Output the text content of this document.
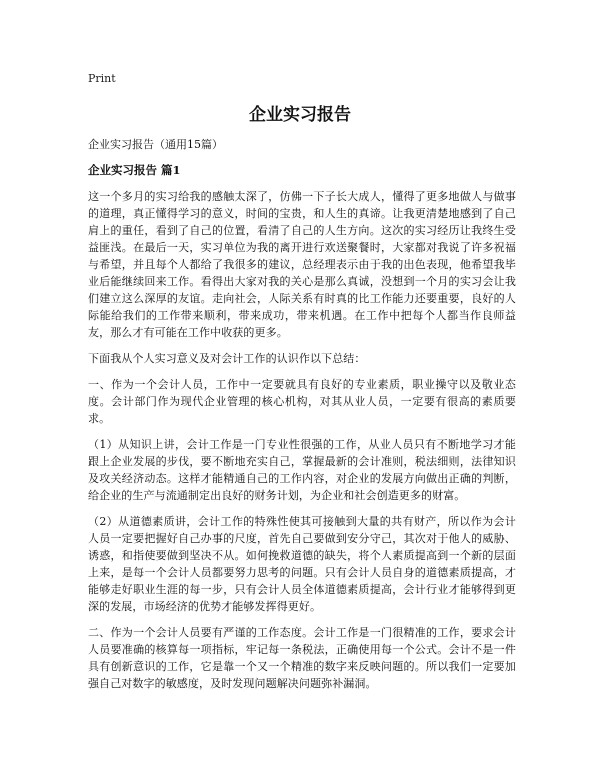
Print
企业实习报告
企业实习报告（通用15篇）
企业实习报告 篇1

这一个多月的实习给我的感触太深了，仿佛一下子长大成人，懂得了更多地做人与做事的道理，真正懂得学习的意义，时间的宝贵，和人生的真谛。让我更清楚地感到了自己肩上的重任，看到了自己的位置，看清了自己的人生方向。这次的实习经历让我终生受益匪浅。在最后一天，实习单位为我的离开进行欢送聚餐时，大家都对我说了许多祝福与希望，并且每个人都给了我很多的建议，总经理表示由于我的出色表现，他希望我毕业后能继续回来工作。看得出大家对我的关心是那么真诚，没想到一个月的实习会让我们建立这么深厚的友谊。走向社会，人际关系有时真的比工作能力还要重要，良好的人际能给我们的工作带来顺利，带来成功，带来机遇。在工作中把每个人都当作良师益友，那么才有可能在工作中收获的更多。

下面我从个人实习意义及对会计工作的认识作以下总结：

一、作为一个会计人员，工作中一定要就具有良好的专业素质，职业操守以及敬业态度。会计部门作为现代企业管理的核心机构，对其从业人员，一定要有很高的素质要求。

（1）从知识上讲，会计工作是一门专业性很强的工作，从业人员只有不断地学习才能跟上企业发展的步伐，要不断地充实自己，掌握最新的会计准则，税法细则，法律知识及攻关经济动态。这样才能精通自己的工作内容，对企业的发展方向做出正确的判断，给企业的生产与流通制定出良好的财务计划，为企业和社会创造更多的财富。

（2）从道德素质讲，会计工作的特殊性使其可接触到大量的共有财产，所以作为会计人员一定要把握好自己办事的尺度，首先自己要做到安分守己，其次对于他人的威胁、诱惑，和指使要做到坚决不从。如何挽救道德的缺失，将个人素质提高到一个新的层面上来，是每一个会计人员都要努力思考的问题。只有会计人员自身的道德素质提高，才能够走好职业生涯的每一步，只有会计人员全体道德素质提高，会计行业才能够得到更深的发展，市场经济的优势才能够发挥得更好。

二、作为一个会计人员要有严谨的工作态度。会计工作是一门很精准的工作，要求会计人员要准确的核算每一项指标，牢记每一条税法，正确使用每一个公式。会计不是一件具有创新意识的工作，它是靠一个又一个精准的数字来反映问题的。所以我们一定要加强自己对数字的敏感度，及时发现问题解决问题弥补漏洞。
